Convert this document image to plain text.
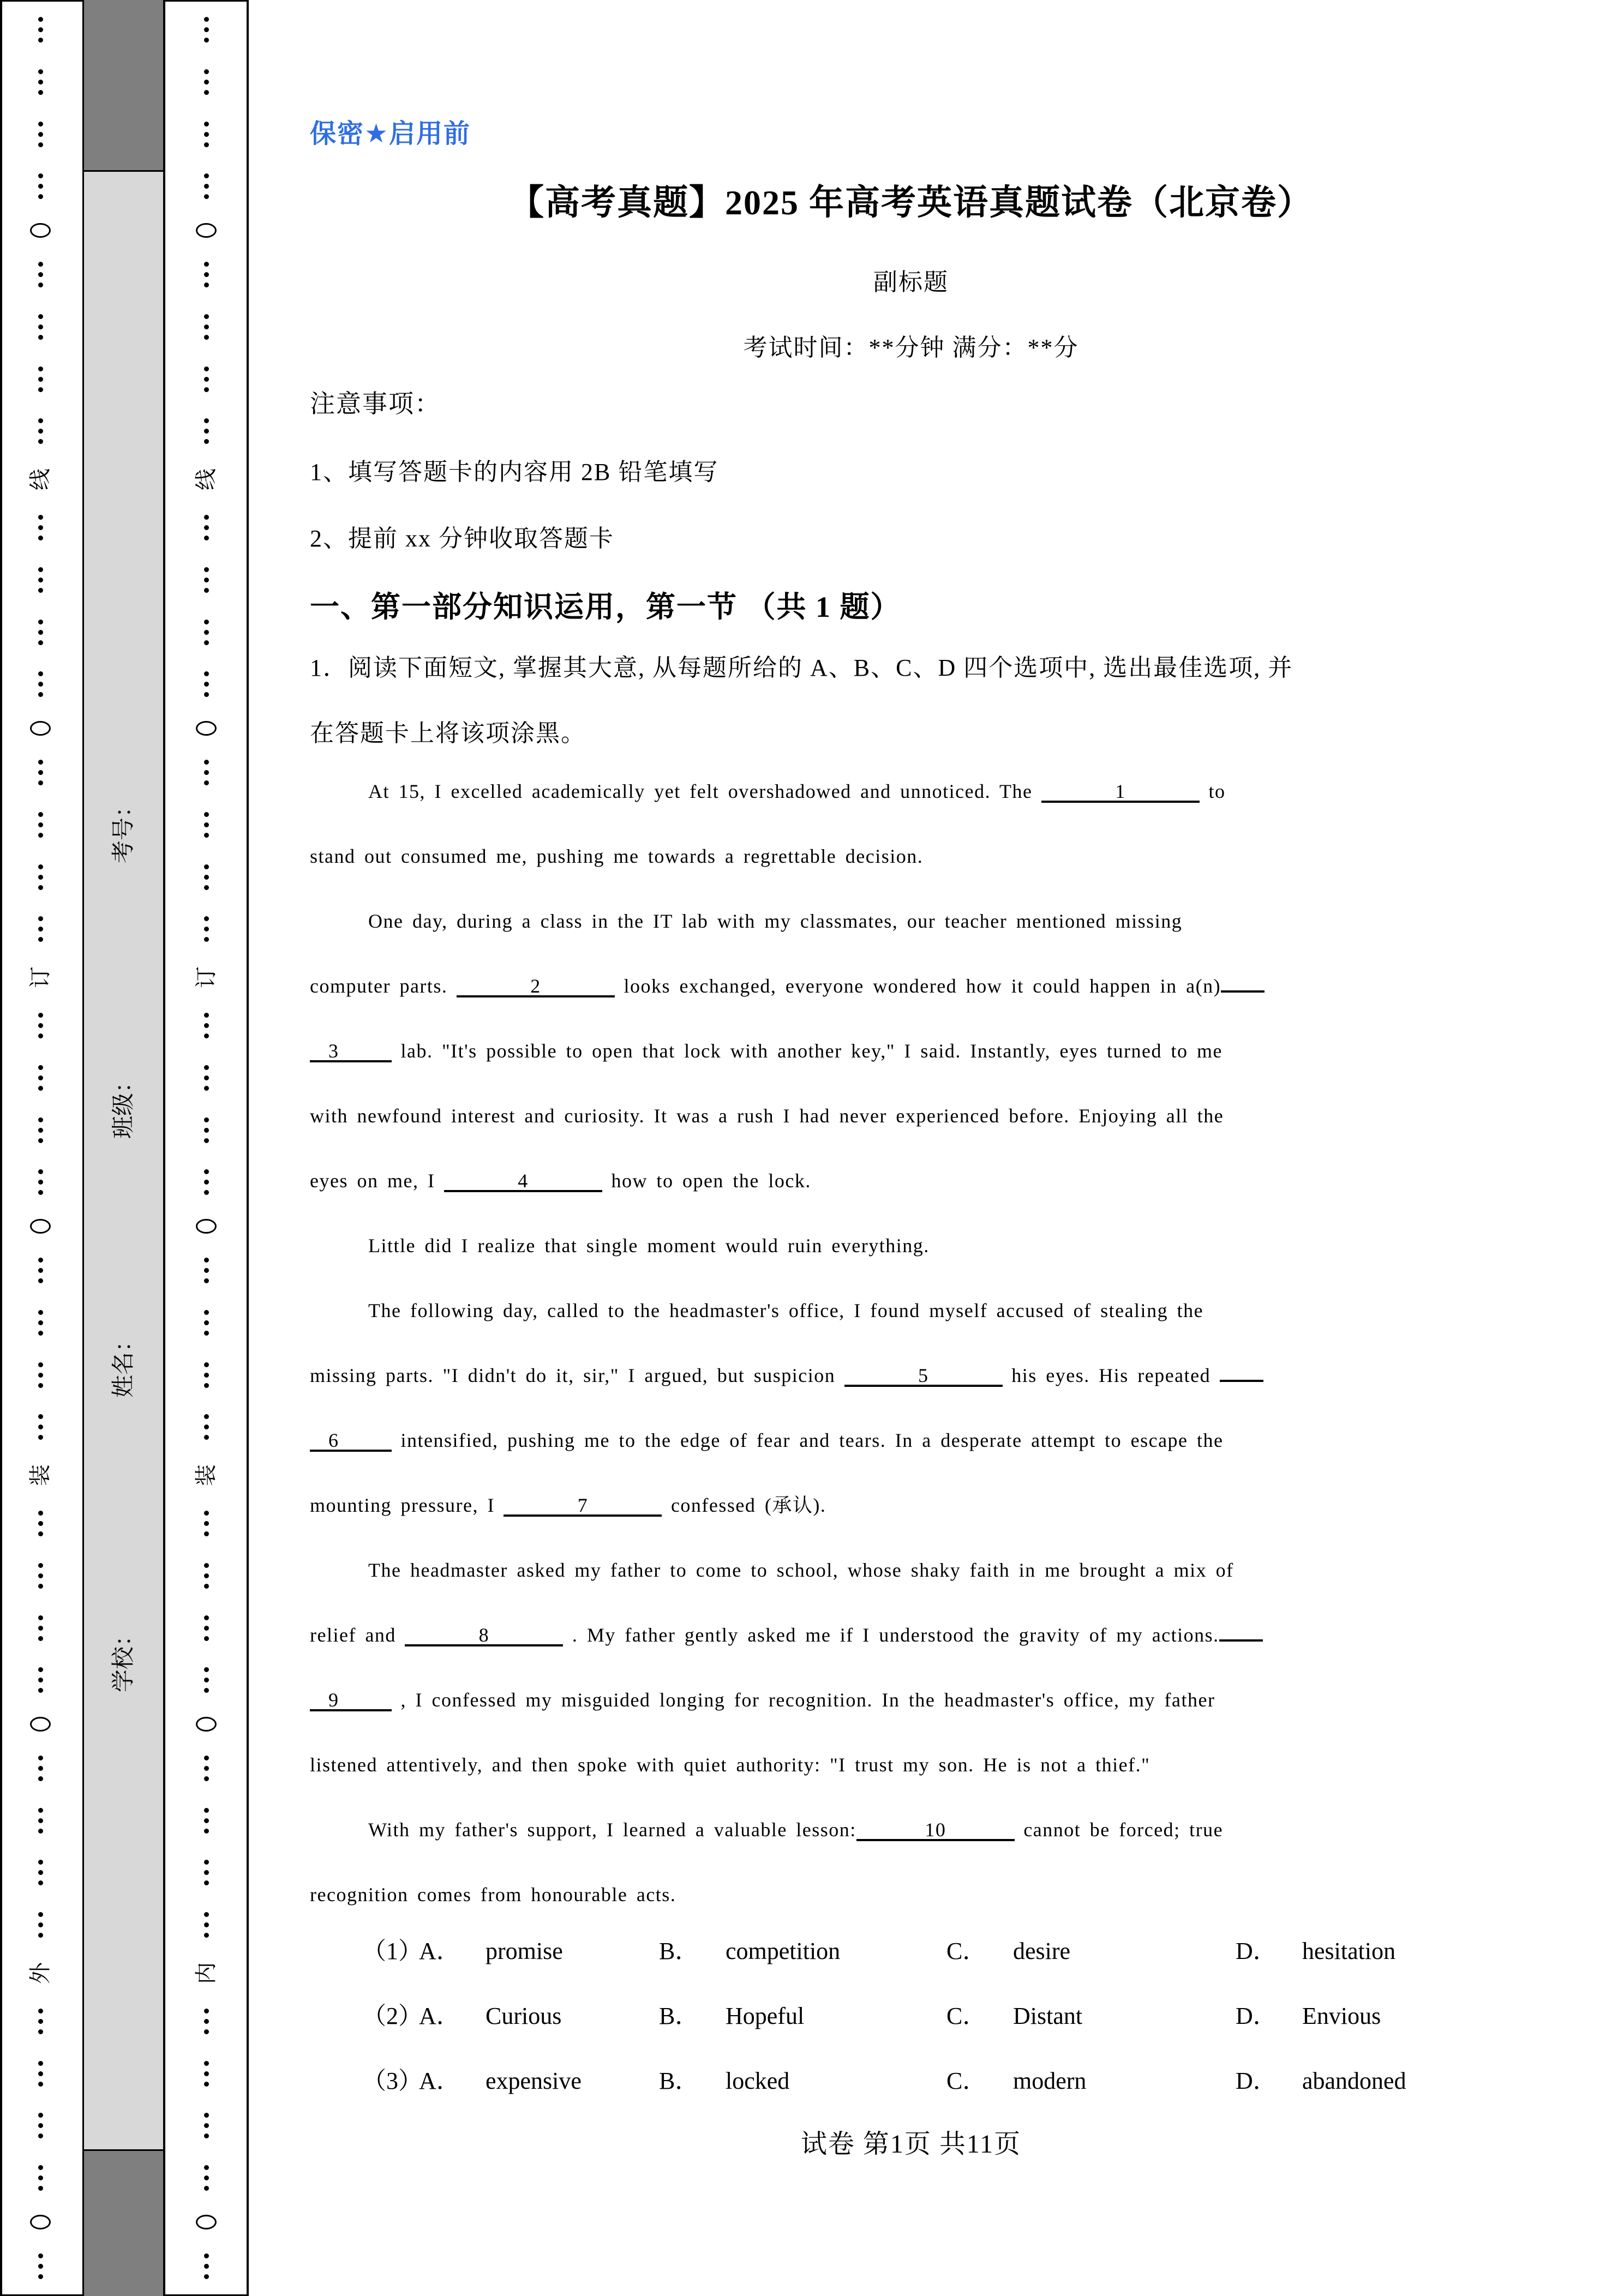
线
订
装
外
考号：
班级：
姓名：
学校：
线
订
装
内
保密★启用前
【高考真题】2025 年高考英语真题试卷（北京卷）
副标题
考试时间：**分钟 满分：**分
注意事项：
1、填写答题卡的内容用 2B 铅笔填写
2、提前 xx 分钟收取答题卡
一、第一部分知识运用，第一节 （共 1 题）
1．阅读下面短文, 掌握其大意, 从每题所给的 A、B、C、D 四个选项中, 选出最佳选项, 并
在答题卡上将该项涂黑。
At 15, I excelled academically yet felt overshadowed and unnoticed. The	1	to
stand out consumed me, pushing me towards a regrettable decision.
One day, during a class in the IT lab with my classmates, our teacher mentioned missing
computer parts.	2	looks exchanged, everyone wondered how it could happen in a(n)
3	lab. "It's possible to open that lock with another key," I said. Instantly, eyes turned to me
with newfound interest and curiosity. It was a rush I had never experienced before. Enjoying all the
eyes on me, I	4	how to open the lock.
Little did I realize that single moment would ruin everything.
The following day, called to the headmaster's office, I found myself accused of stealing the
missing parts. "I didn't do it, sir," I argued, but suspicion	5	his eyes. His repeated
6	intensified, pushing me to the edge of fear and tears. In a desperate attempt to escape the
mounting pressure, I	7	confessed (承认).
The headmaster asked my father to come to school, whose shaky faith in me brought a mix of
relief and	8	. My father gently asked me if I understood the gravity of my actions.
9	, I confessed my misguided longing for recognition. In the headmaster's office, my father
listened attentively, and then spoke with quiet authority: "I trust my son. He is not a thief."
With my father's support, I learned a valuable lesson:	10	cannot be forced; true
recognition comes from honourable acts.
（1）
A． promise	B． competition	C． desire	D． hesitation
（2）
A． Curious	B． Hopeful	C． Distant	D． Envious
（3）
A． expensive	B． locked	C． modern	D． abandoned
试卷 第1页 共11页
